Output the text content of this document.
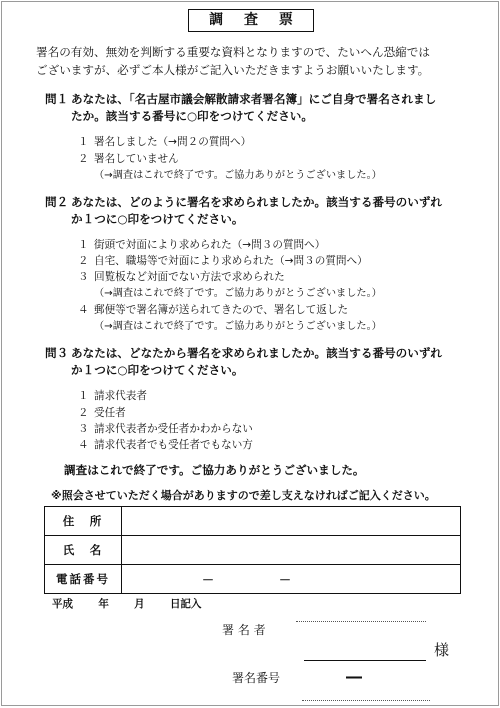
調 査 票
署名の有効、無効を判断する重要な資料となりますので、たいへん恐縮では
ございますが、必ずご本人様がご記入いただきますようお願いいたします。
問１ あなたは、「名古屋市議会解散請求者署名簿」にご自身で署名されまし
たか。該当する番号に○印をつけてください。
１ 署名しました（→問２の質問へ）
２ 署名していません
（→調査はこれで終了です。ご協力ありがとうございました。）
問２ あなたは、どのように署名を求められましたか。該当する番号のいずれ
か１つに○印をつけてください。
１ 街頭で対面により求められた（→問３の質問へ）
２ 自宅、職場等で対面により求められた（→問３の質問へ）
３ 回覧板など対面でない方法で求められた
（→調査はこれで終了です。ご協力ありがとうございました。）
４ 郵便等で署名簿が送られてきたので、署名して返した
（→調査はこれで終了です。ご協力ありがとうございました。）
問３ あなたは、どなたから署名を求められましたか。該当する番号のいずれ
か１つに○印をつけてください。
１ 請求代表者
２ 受任者
３ 請求代表者か受任者かわからない
４ 請求代表者でも受任者でもない方
調査はこれで終了です。ご協力ありがとうございました。
※照会させていただく場合がありますので差し支えなければご記入ください。
住　所	
氏　名	
電話番号	－ －
平成 年 月 日記入
署 名 者
様
署名番号	―
